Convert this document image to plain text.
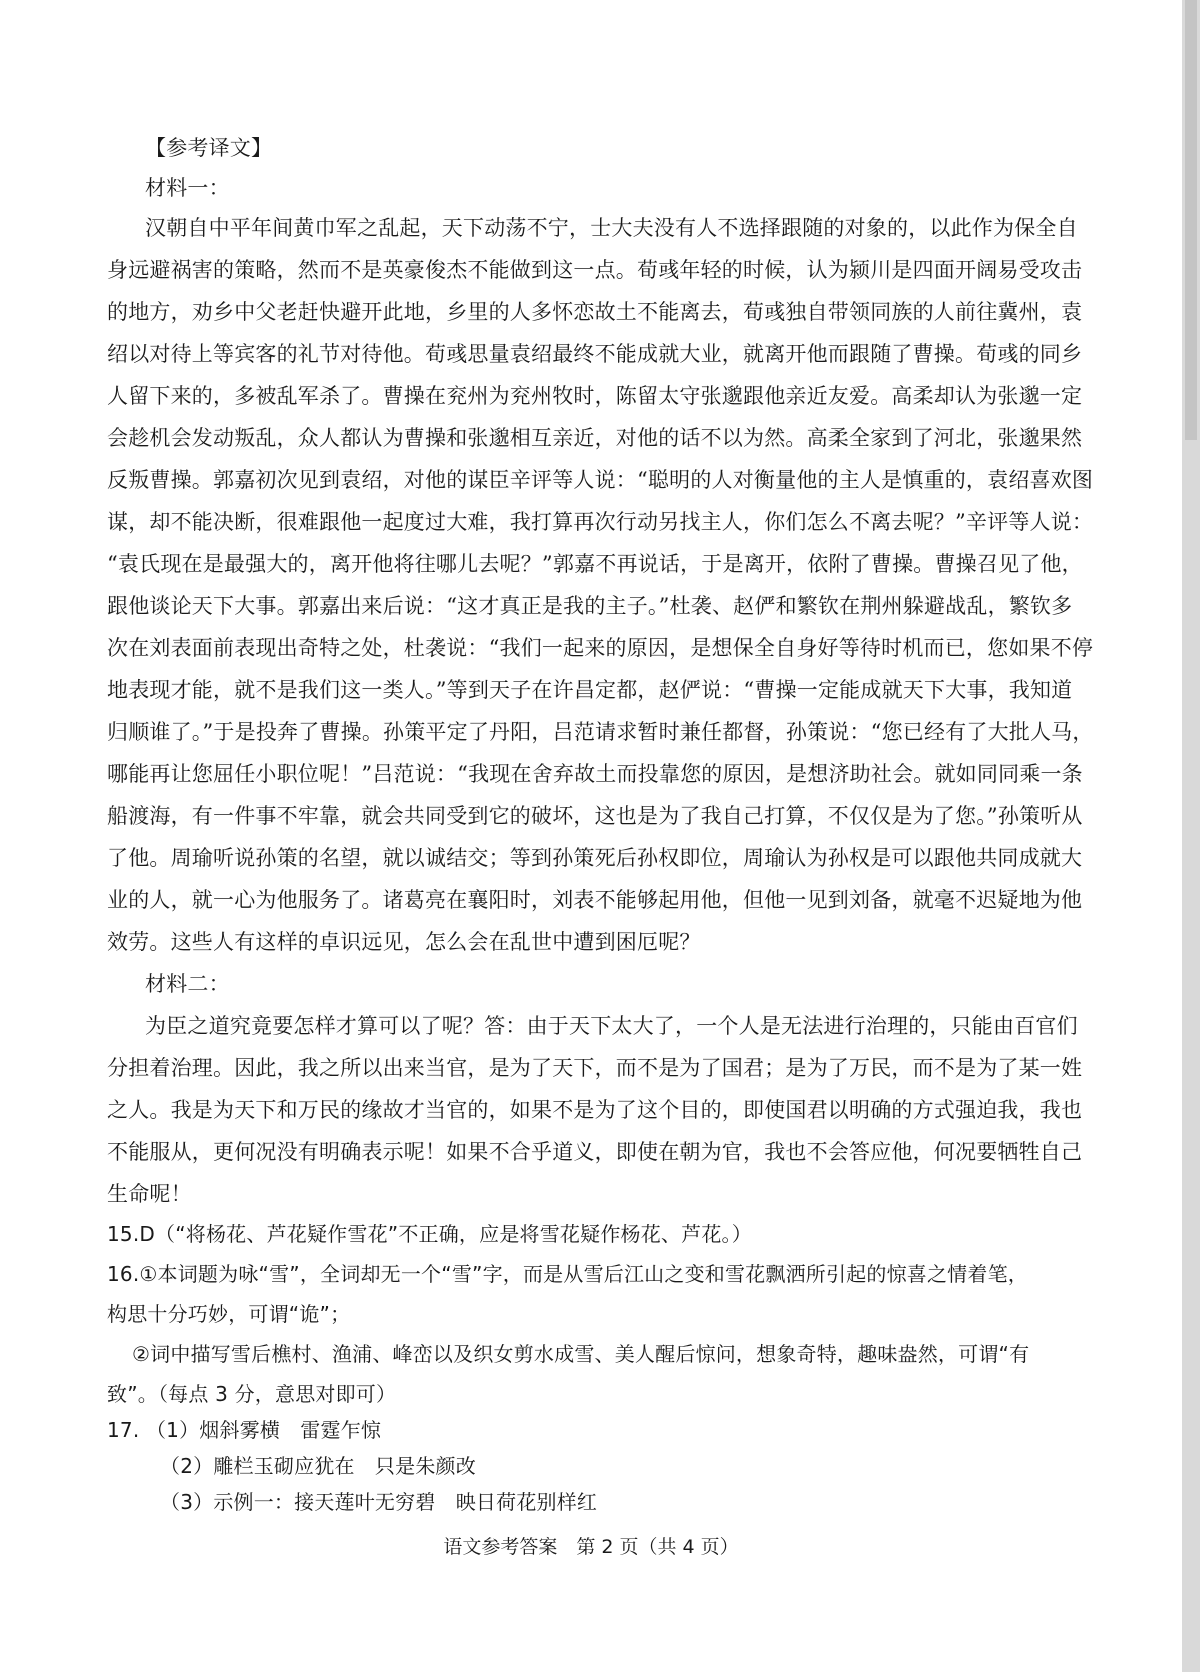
【参考译文】
材料一：
汉朝自中平年间黄巾军之乱起，天下动荡不宁，士大夫没有人不选择跟随的对象的，以此作为保全自
身远避祸害的策略，然而不是英豪俊杰不能做到这一点。荀彧年轻的时候，认为颍川是四面开阔易受攻击
的地方，劝乡中父老赶快避开此地，乡里的人多怀恋故土不能离去，荀彧独自带领同族的人前往冀州，袁
绍以对待上等宾客的礼节对待他。荀彧思量袁绍最终不能成就大业，就离开他而跟随了曹操。荀彧的同乡
人留下来的，多被乱军杀了。曹操在兖州为兖州牧时，陈留太守张邈跟他亲近友爱。高柔却认为张邈一定
会趁机会发动叛乱，众人都认为曹操和张邈相互亲近，对他的话不以为然。高柔全家到了河北，张邈果然
反叛曹操。郭嘉初次见到袁绍，对他的谋臣辛评等人说：“聪明的人对衡量他的主人是慎重的，袁绍喜欢图
谋，却不能决断，很难跟他一起度过大难，我打算再次行动另找主人，你们怎么不离去呢？”辛评等人说：
“袁氏现在是最强大的，离开他将往哪儿去呢？”郭嘉不再说话，于是离开，依附了曹操。曹操召见了他，
跟他谈论天下大事。郭嘉出来后说：“这才真正是我的主子。”杜袭、赵俨和繁钦在荆州躲避战乱，繁钦多
次在刘表面前表现出奇特之处，杜袭说：“我们一起来的原因，是想保全自身好等待时机而已，您如果不停
地表现才能，就不是我们这一类人。”等到天子在许昌定都，赵俨说：“曹操一定能成就天下大事，我知道
归顺谁了。”于是投奔了曹操。孙策平定了丹阳，吕范请求暂时兼任都督，孙策说：“您已经有了大批人马，
哪能再让您屈任小职位呢！”吕范说：“我现在舍弃故土而投靠您的原因，是想济助社会。就如同同乘一条
船渡海，有一件事不牢靠，就会共同受到它的破坏，这也是为了我自己打算，不仅仅是为了您。”孙策听从
了他。周瑜听说孙策的名望，就以诚结交；等到孙策死后孙权即位，周瑜认为孙权是可以跟他共同成就大
业的人，就一心为他服务了。诸葛亮在襄阳时，刘表不能够起用他，但他一见到刘备，就毫不迟疑地为他
效劳。这些人有这样的卓识远见，怎么会在乱世中遭到困厄呢？
材料二：
为臣之道究竟要怎样才算可以了呢？答：由于天下太大了，一个人是无法进行治理的，只能由百官们
分担着治理。因此，我之所以出来当官，是为了天下，而不是为了国君；是为了万民，而不是为了某一姓
之人。我是为天下和万民的缘故才当官的，如果不是为了这个目的，即使国君以明确的方式强迫我，我也
不能服从，更何况没有明确表示呢！如果不合乎道义，即使在朝为官，我也不会答应他，何况要牺牲自己
生命呢！
15.D（“将杨花、芦花疑作雪花”不正确，应是将雪花疑作杨花、芦花。）
16.①本词题为咏“雪”，全词却无一个“雪”字，而是从雪后江山之变和雪花飘洒所引起的惊喜之情着笔，
构思十分巧妙，可谓“诡”；
②词中描写雪后樵村、渔浦、峰峦以及织女剪水成雪、美人醒后惊问，想象奇特，趣味盎然，可谓“有
致”。（每点 3 分，意思对即可）
17. （1）烟斜雾横　雷霆乍惊
（2）雕栏玉砌应犹在　只是朱颜改
（3）示例一：接天莲叶无穷碧　映日荷花别样红
语文参考答案　第 2 页（共 4 页）
